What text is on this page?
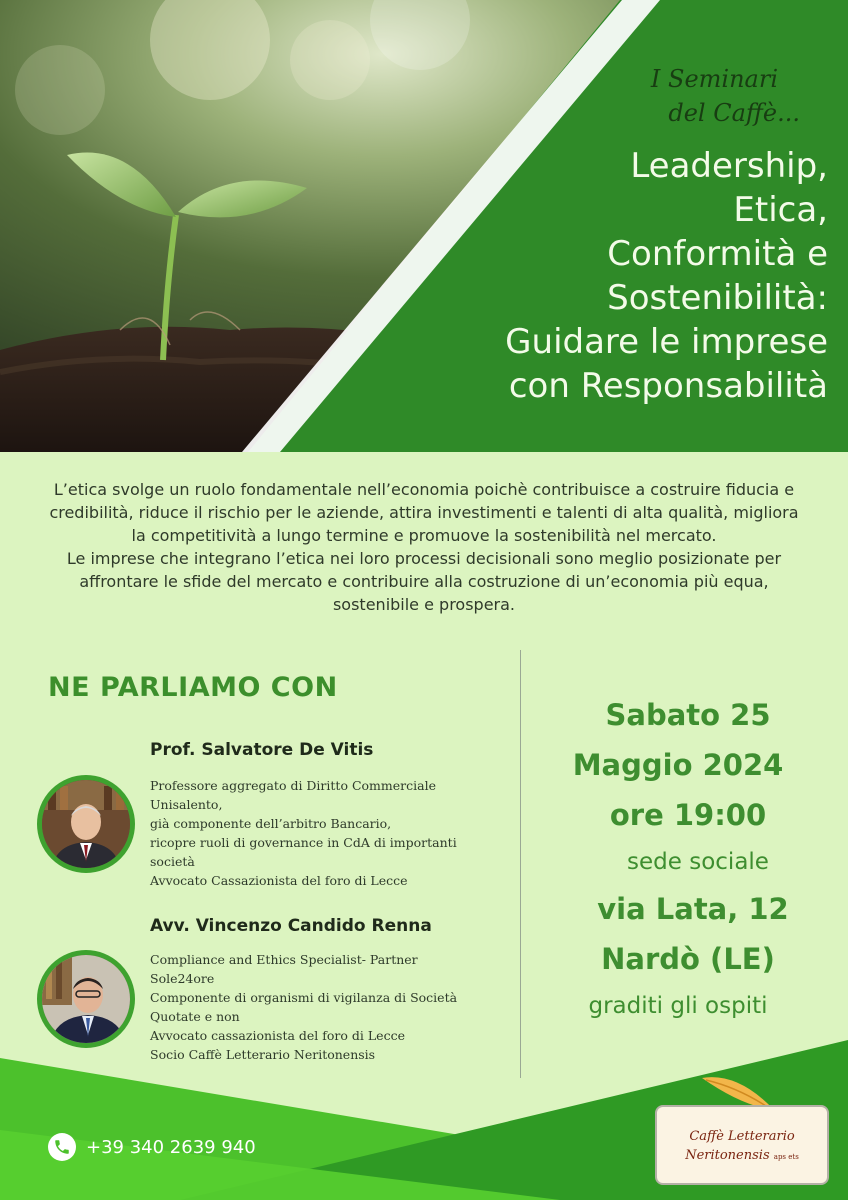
I Seminari
del Caffè...
Leadership,
Etica,
Conformità e
Sostenibilità:
Guidare le imprese
con Responsabilità

L’etica svolge un ruolo fondamentale nell’economia poichè contribuisce a costruire fiducia e credibilità, riduce il rischio per le aziende, attira investimenti e talenti di alta qualità, migliora la competitività a lungo termine e promuove la sostenibilità nel mercato.

Le imprese che integrano l’etica nei loro processi decisionali sono meglio posizionate per affrontare le sfide del mercato e contribuire alla costruzione di un’economia più equa, sostenibile e prospera.

NE PARLIAMO CON
Prof. Salvatore De Vitis
Professore aggregato di Diritto Commerciale
Unisalento,
già componente dell’arbitro Bancario,
ricopre ruoli di governance in CdA di importanti
società
Avvocato Cassazionista del foro di Lecce
Avv. Vincenzo Candido Renna
Compliance and Ethics Specialist- Partner
Sole24ore
Componente di organismi di vigilanza di Società
Quotate e non
Avvocato cassazionista del foro di Lecce
Socio Caffè Letterario Neritonensis
Sabato 25
Maggio 2024
ore 19:00
sede sociale
via Lata, 12
Nardò (LE)
graditi gli ospiti
+39 340 2639 940	Caffè Letterario
Neritonensis aps ets
